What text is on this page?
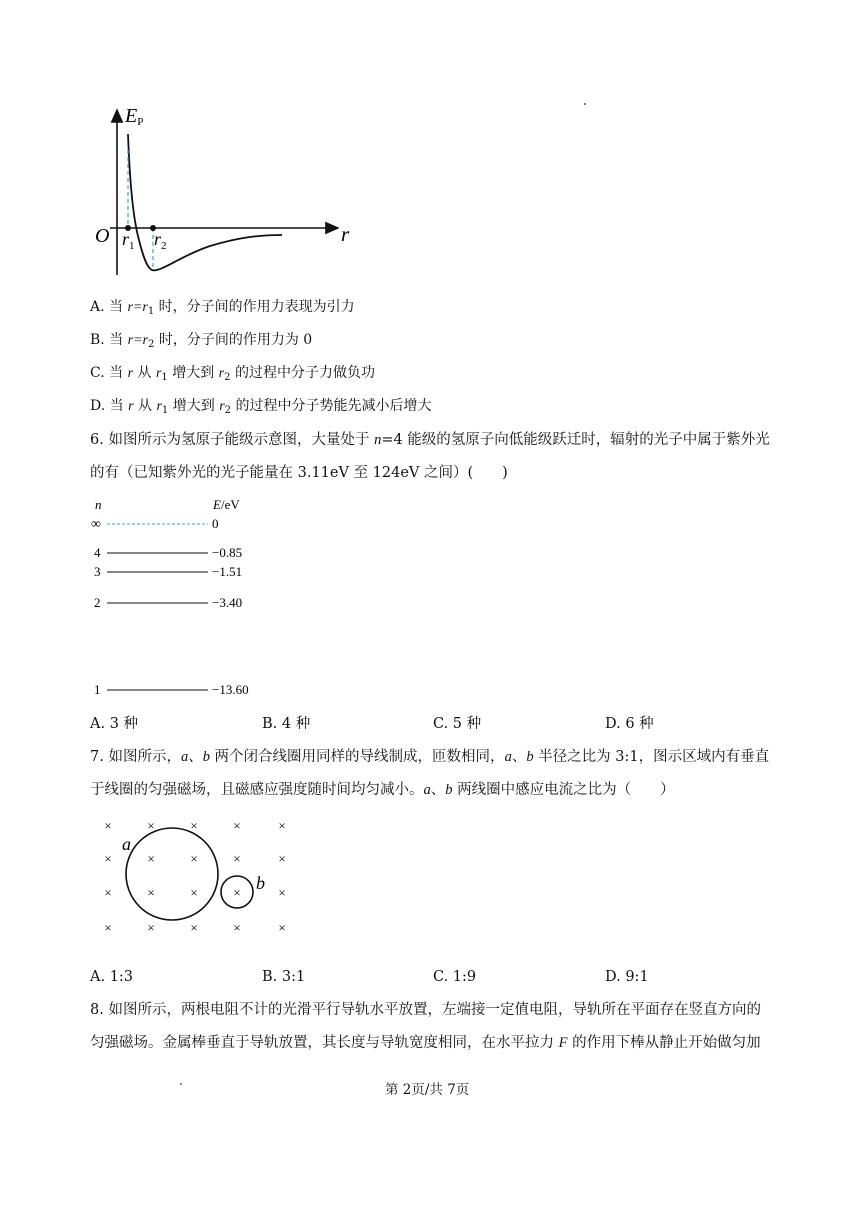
EP
O	r
$r_1$ $r_2$
A. 当 $r=r_1$ 时，分子间的作用力表现为引力
B. 当 $r=r_2$ 时，分子间的作用力为 0
C. 当 r 从 $r_1$ 增大到 $r_2$ 的过程中分子力做负功
D. 当 r 从 $r_1$ 增大到 $r_2$ 的过程中分子势能先减小后增大
6. 如图所示为氢原子能级示意图，大量处于 n=4 能级的氢原子向低能级跃迁时，辐射的光子中属于紫外光
的有（已知紫外光的光子能量在 3.11eV 至 124eV 之间）(　　)
n	E/eV
∞	0
4	−0.85
3	−1.51
2	−3.40
1	−13.60
A. 3 种	B. 4 种	C. 5 种	D. 6 种
7. 如图所示，a、b 两个闭合线圈用同样的导线制成，匝数相同，a、b 半径之比为 3:1，图示区域内有垂直
于线圈的匀强磁场，且磁感应强度随时间均匀减小。a、b 两线圈中感应电流之比为（　　）
×	×	×	×	×
×	×	×	×	×
×	×	×	×	×
×	×	×	×	×
a
b
A. 1:3	B. 3:1	C. 1:9	D. 9:1
8. 如图所示，两根电阻不计的光滑平行导轨水平放置，左端接一定值电阻，导轨所在平面存在竖直方向的
匀强磁场。金属棒垂直于导轨放置，其长度与导轨宽度相同，在水平拉力 F 的作用下棒从静止开始做匀加
第 2页/共 7页
